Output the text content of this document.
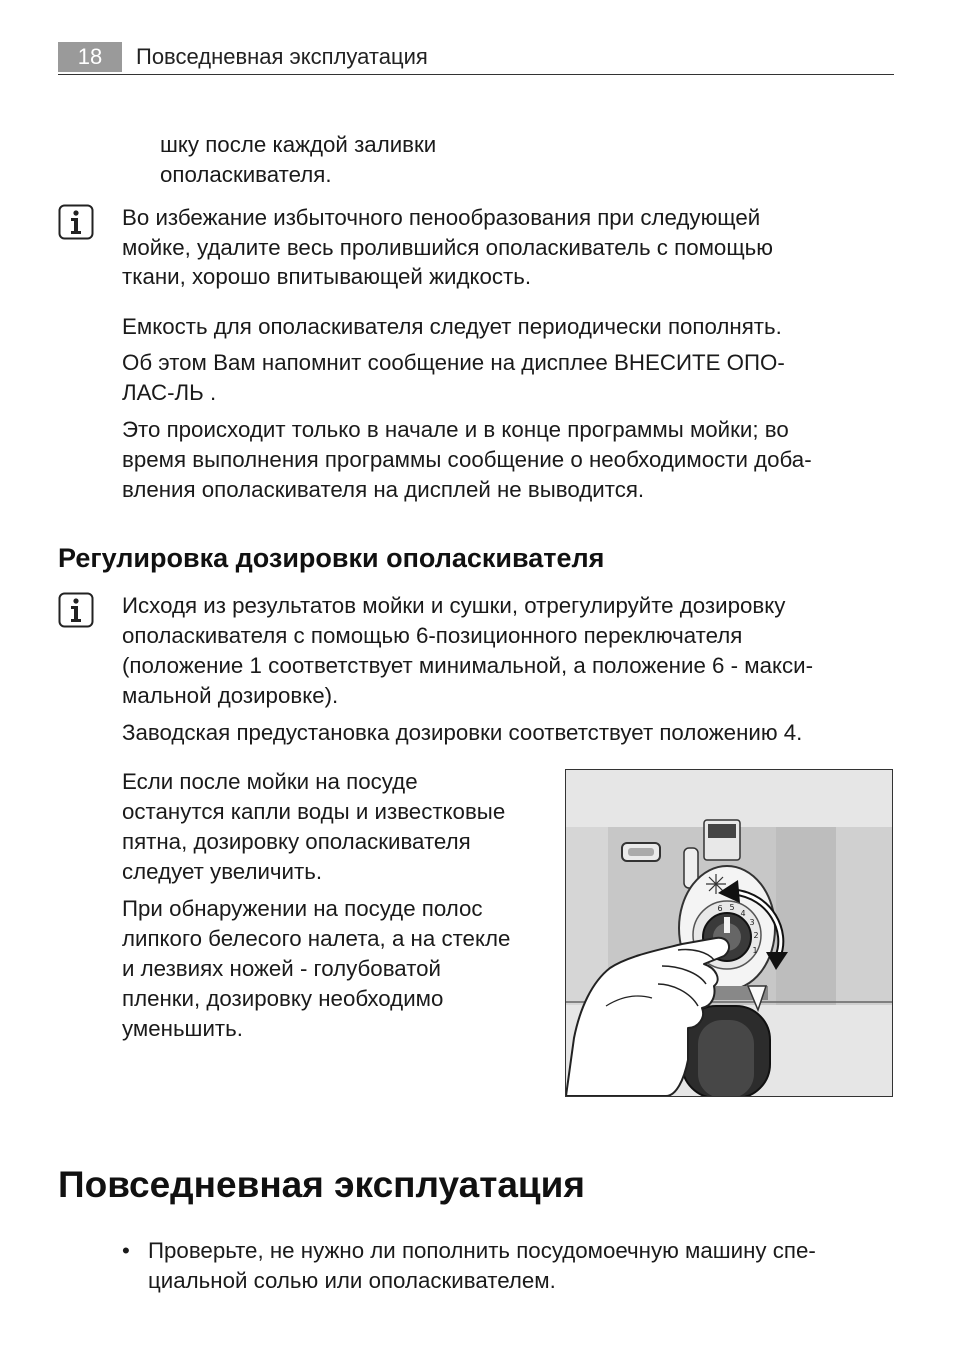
18	Повседневная эксплуатация

шку после каждой заливки

ополаскивателя.

Во избежание избыточного пенообразования при следующей

мойке, удалите весь пролившийся ополаскиватель с помощью

ткани, хорошо впитывающей жидкость.

Емкость для ополаскивателя следует периодически пополнять.

Об этом Вам напомнит сообщение на дисплее ВНЕСИТЕ ОПО-

ЛАС-ЛЬ .

Это происходит только в начале и в конце программы мойки; во

время выполнения программы сообщение о необходимости доба-

вления ополаскивателя на дисплей не выводится.

Регулировка дозировки ополаскивателя

Исходя из результатов мойки и сушки, отрегулируйте дозировку

ополаскивателя с помощью 6-позиционного переключателя

(положение 1 соответствует минимальной, а положение 6 - макси-

мальной дозировке).

Заводская предустановка дозировки соответствует положению 4.

Если после мойки на посуде

останутся капли воды и известковые

пятна, дозировку ополаскивателя

следует увеличить.

При обнаружении на посуде полос

липкого белесого налета, а на стекле

и лезвиях ножей - голубоватой

пленки, дозировку необходимо

уменьшить.

1
2
3
4
5
6
Повседневная эксплуатация
• Проверьте, не нужно ли пополнить посудомоечную машину спе-

циальной солью или ополаскивателем.
